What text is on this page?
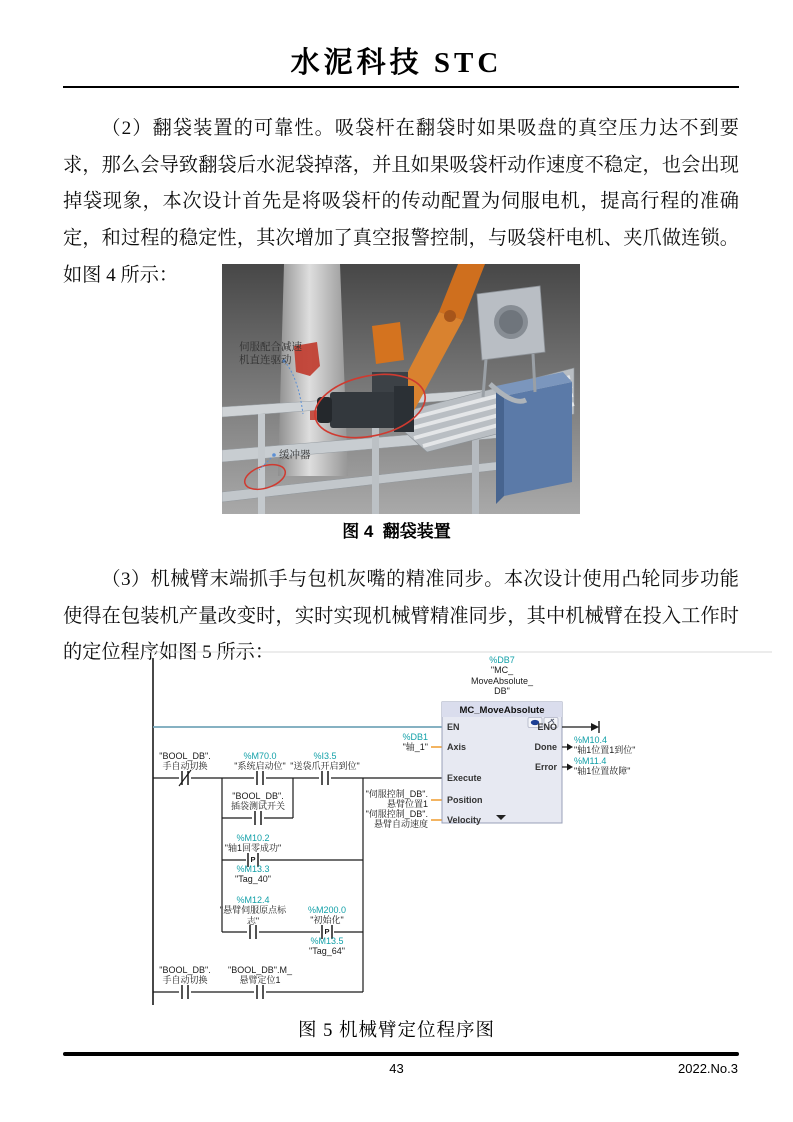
水泥科技 STC

（2）翻袋装置的可靠性。吸袋杆在翻袋时如果吸盘的真空压力达不到要求，那么会导致翻袋后水泥袋掉落，并且如果吸袋杆动作速度不稳定，也会出现掉袋现象，本次设计首先是将吸袋杆的传动配置为伺服电机，提高行程的准确定，和过程的稳定性，其次增加了真空报警控制，与吸袋杆电机、夹爪做连锁。如图 4 所示：

（3）机械臂末端抓手与包机灰嘴的精准同步。本次设计使用凸轮同步功能使得在包装机产量改变时，实时实现机械臂精准同步，其中机械臂在投入工作时的定位程序如图 5 所示：

伺服配合减速
机直连驱动
缓冲器
图 4  翻袋装置
MC_MoveAbsolute
EN
Axis
Execute
Position
Velocity
ENO
Done
Error
%DB7
"MC_
MoveAbsolute_
DB"
"BOOL_DB".
手自动切换
%M70.0
"系统启动位"
%I3.5
"送袋爪开启到位"
"BOOL_DB".
插袋测试开关
%M10.2
"轴1回零成功"
%M13.3
"Tag_40"
%M12.4
"悬臂伺服原点标
志"
%M200.0
"初始化"
%M13.5
"Tag_64"
"BOOL_DB".
手自动切换
"BOOL_DB".M_
悬臂定位1
P
P
%DB1
"轴_1"
"伺服控制_DB".
悬臂位置1
"伺服控制_DB".
悬臂自动速度
%M10.4
"轴1位置1到位"
%M11.4
"轴1位置故障"
图 5 机械臂定位程序图
43	2022.No.3
